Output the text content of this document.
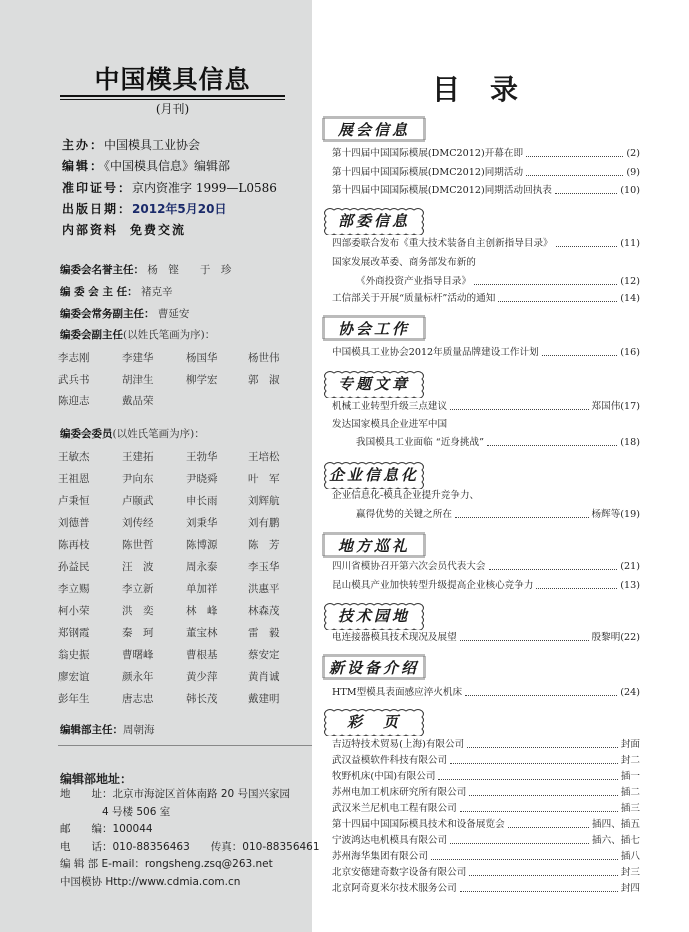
中国模具信息
(月刊)
主办：中国模具工业协会
编辑：《中国模具信息》编辑部
准印证号：京内资准字 1999—L0586
出版日期：2012年5月20日
内部资料 免费交流
编委会名誉主任： 杨　铿　　于　珍
编 委 会 主 任： 褚克辛
编委会常务副主任： 曹延安
编委会副主任(以姓氏笔画为序)：
编委会委员(以姓氏笔画为序)：
编辑部主任：周朝海
李志刚	李建华	杨国华	杨世伟
武兵书	胡津生	柳学宏	郭　淑
陈迎志	戴品荣
王敏杰	王建拓	王勃华	王培松
王祖恩	尹向东	尹晓舜	叶　军
卢秉恒	卢颐武	申长雨	刘辉航
刘德普	刘传经	刘秉华	刘有鹏
陈再枝	陈世哲	陈博源	陈　芳
孙益民	汪　波	周永泰	李玉华
李立赐	李立新	单加祥	洪惠平
柯小荣	洪　奕	林　峰	林森茂
郑钢霞	秦　珂	董宝林	雷　毅
翁史振	曹曙峰	曹根基	蔡安定
廖宏谊	颜永年	黄少萍	黄肖诚
彭年生	唐志忠	韩长茂	戴建明
编辑部地址：
地　　址：北京市海淀区首体南路 20 号国兴家园
　　　　4 号楼 506 室
邮　　编：100044
电　　话：010-88356463　　传真：010-88356461
编 辑 部 E-mail：rongsheng.zsq@263.net
中国模协 Http://www.cdmia.com.cn
目录
展会信息
第十四届中国国际模展(DMC2012)开幕在即	(2)
第十四届中国国际模展(DMC2012)同期活动	(9)
第十四届中国国际模展(DMC2012)同期活动回执表	(10)
部委信息
四部委联合发布《重大技术装备自主创新指导目录》	(11)
国家发展改革委、商务部发布新的
《外商投资产业指导目录》	(12)
工信部关于开展“质量标杆”活动的通知	(14)
协会工作
中国模具工业协会2012年质量品牌建设工作计划	(16)
专题文章
机械工业转型升级三点建议	郑国伟(17)
发达国家模具企业进军中国
我国模具工业面临 “近身挑战”	(18)
企业信息化
企业信息化-模具企业提升竞争力、
赢得优势的关键之所在	杨辉等(19)
地方巡礼
四川省模协召开第六次会员代表大会	(21)
昆山模具产业加快转型升级提高企业核心竞争力	(13)
技术园地
电连接器模具技术现况及展望	殷黎明(22)
新设备介绍
HTM型模具表面感应淬火机床	(24)
彩　页
吉迈特技术贸易(上海)有限公司	封面
武汉益模软件科技有限公司	封二
牧野机床(中国)有限公司	插一
苏州电加工机床研究所有限公司	插二
武汉米兰尼机电工程有限公司	插三
第十四届中国国际模具技术和设备展览会	插四、插五
宁波鸿达电机模具有限公司	插六、插七
苏州海华集团有限公司	插八
北京安德建奇数字设备有限公司	封三
北京阿奇夏米尔技术服务公司	封四
